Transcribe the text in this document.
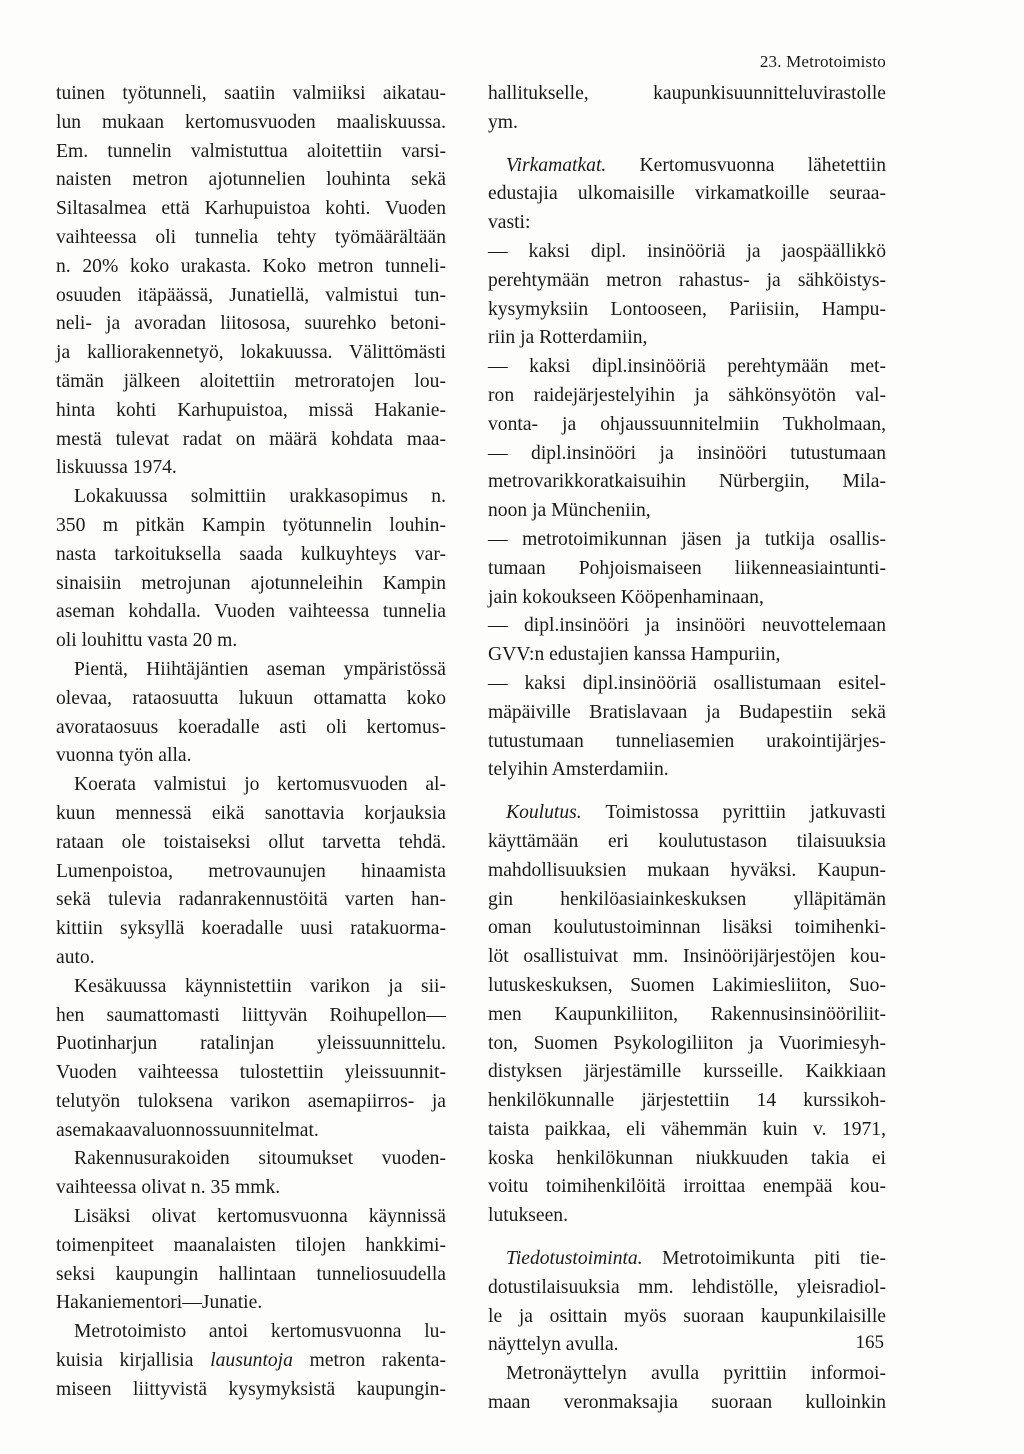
23. Metrotoimisto
tuinen työtunneli, saatiin valmiiksi aikatau-
lun mukaan kertomusvuoden maaliskuussa.
Em. tunnelin valmistuttua aloitettiin varsi-
naisten metron ajotunnelien louhinta sekä
Siltasalmea että Karhupuistoa kohti. Vuoden
vaihteessa oli tunnelia tehty työmäärältään
n. 20% koko urakasta. Koko metron tunneli-
osuuden itäpäässä, Junatiellä, valmistui tun-
neli- ja avoradan liitososa, suurehko betoni-
ja kalliorakennetyö, lokakuussa. Välittömästi
tämän jälkeen aloitettiin metroratojen lou-
hinta kohti Karhupuistoa, missä Hakanie-
mestä tulevat radat on määrä kohdata maa-
liskuussa 1974.
Lokakuussa solmittiin urakkasopimus n.
350 m pitkän Kampin työtunnelin louhin-
nasta tarkoituksella saada kulkuyhteys var-
sinaisiin metrojunan ajotunneleihin Kampin
aseman kohdalla. Vuoden vaihteessa tunnelia
oli louhittu vasta 20 m.
Pientä, Hiihtäjäntien aseman ympäristössä
olevaa, rataosuutta lukuun ottamatta koko
avorataosuus koeradalle asti oli kertomus-
vuonna työn alla.
Koerata valmistui jo kertomusvuoden al-
kuun mennessä eikä sanottavia korjauksia
rataan ole toistaiseksi ollut tarvetta tehdä.
Lumenpoistoa, metrovaunujen hinaamista
sekä tulevia radanrakennustöitä varten han-
kittiin syksyllä koeradalle uusi ratakuorma-
auto.
Kesäkuussa käynnistettiin varikon ja sii-
hen saumattomasti liittyvän Roihupellon—
Puotinharjun ratalinjan yleissuunnittelu.
Vuoden vaihteessa tulostettiin yleissuunnit-
telutyön tuloksena varikon asemapiirros- ja
asemakaavaluonnossuunnitelmat.
Rakennusurakoiden sitoumukset vuoden-
vaihteessa olivat n. 35 mmk.
Lisäksi olivat kertomusvuonna käynnissä
toimenpiteet maanalaisten tilojen hankkimi-
seksi kaupungin hallintaan tunneliosuudella
Hakaniementori—Junatie.
Metrotoimisto antoi kertomusvuonna lu-
kuisia kirjallisia lausuntoja metron rakenta-
miseen liittyvistä kysymyksistä kaupungin-
hallitukselle, kaupunkisuunnitteluvirastolle
ym.
Virkamatkat. Kertomusvuonna lähetettiin
edustajia ulkomaisille virkamatkoille seuraa-
vasti:
— kaksi dipl. insinööriä ja jaospäällikkö
perehtymään metron rahastus- ja sähköistys-
kysymyksiin Lontooseen, Pariisiin, Hampu-
riin ja Rotterdamiin,
— kaksi dipl.insinööriä perehtymään met-
ron raidejärjestelyihin ja sähkönsyötön val-
vonta- ja ohjaussuunnitelmiin Tukholmaan,
— dipl.insinööri ja insinööri tutustumaan
metrovarikkoratkaisuihin Nürbergiin, Mila-
noon ja Müncheniin,
— metrotoimikunnan jäsen ja tutkija osallis-
tumaan Pohjoismaiseen liikenneasiaintunti-
jain kokoukseen Kööpenhaminaan,
— dipl.insinööri ja insinööri neuvottelemaan
GVV:n edustajien kanssa Hampuriin,
— kaksi dipl.insinööriä osallistumaan esitel-
mäpäiville Bratislavaan ja Budapestiin sekä
tutustumaan tunneliasemien urakointijärjes-
telyihin Amsterdamiin.
Koulutus. Toimistossa pyrittiin jatkuvasti
käyttämään eri koulutustason tilaisuuksia
mahdollisuuksien mukaan hyväksi. Kaupun-
gin henkilöasiainkeskuksen ylläpitämän
oman koulutustoiminnan lisäksi toimihenki-
löt osallistuivat mm. Insinöörijärjestöjen kou-
lutuskeskuksen, Suomen Lakimiesliiton, Suo-
men Kaupunkiliiton, Rakennusinsinööriliit-
ton, Suomen Psykologiliiton ja Vuorimiesyh-
distyksen järjestämille kursseille. Kaikkiaan
henkilökunnalle järjestettiin 14 kurssikoh-
taista paikkaa, eli vähemmän kuin v. 1971,
koska henkilökunnan niukkuuden takia ei
voitu toimihenkilöitä irroittaa enempää kou-
lutukseen.
Tiedotustoiminta. Metrotoimikunta piti tie-
dotustilaisuuksia mm. lehdistölle, yleisradiol-
le ja osittain myös suoraan kaupunkilaisille
näyttelyn avulla.
Metronäyttelyn avulla pyrittiin informoi-
maan veronmaksajia suoraan kulloinkin
165
